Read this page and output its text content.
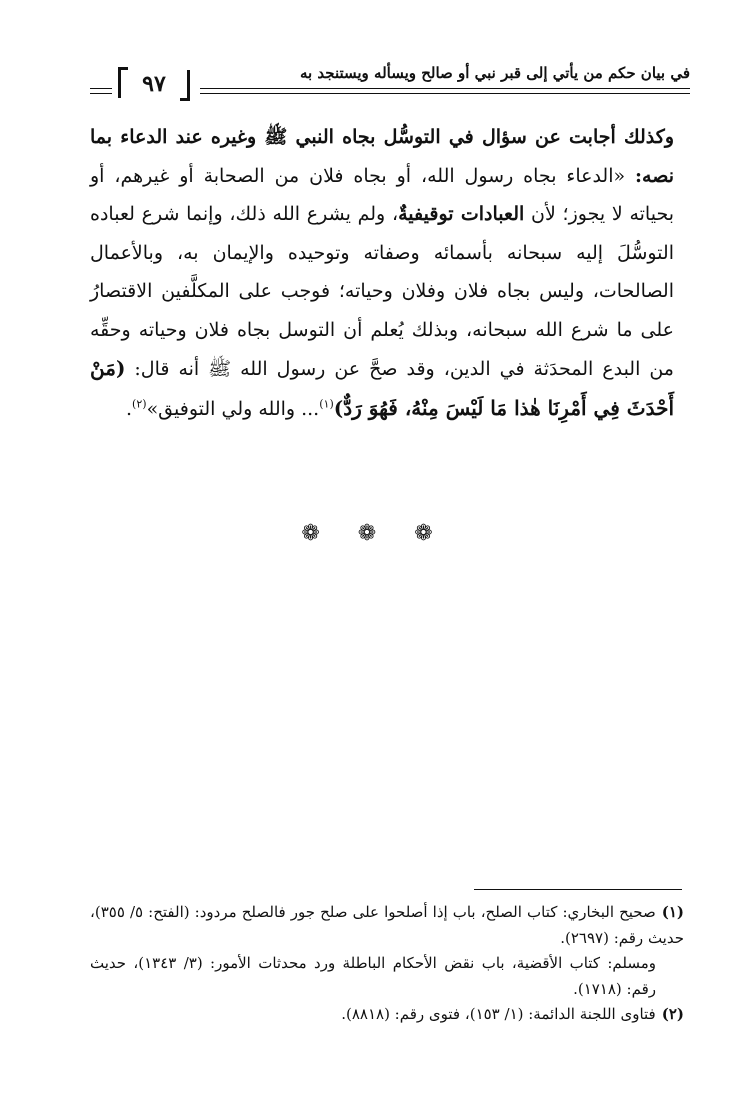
في بيان حكم من يأتي إلى قبر نبي أو صالح ويسأله ويستنجد به
٩٧

وكذلك أجابت عن سؤال في التوسُّل بجاه النبي ﷺ وغيره عند الدعاء بما نصه: «الدعاء بجاه رسول الله، أو بجاه فلان من الصحابة أو غيرهم، أو بحياته لا يجوز؛ لأن العبادات توقيفيةٌ، ولم يشرع الله ذلك، وإنما شرع لعباده التوسُّلَ إليه سبحانه بأسمائه وصفاته وتوحيده والإيمان به، وبالأعمال الصالحات، وليس بجاه فلان وفلان وحياته؛ فوجب على المكلَّفين الاقتصارُ على ما شرع الله سبحانه، وبذلك يُعلم أن التوسل بجاه فلان وحياته وحقِّه من البدع المحدَثة في الدين، وقد صحَّ عن رسول الله ﷺ أنه قال: (مَنْ أَحْدَثَ فِي أَمْرِنَا هٰذا مَا لَيْسَ مِنْهُ، فَهُوَ رَدٌّ)$^{(١)}$... والله ولي التوفيق»$^{(٢)}$.

❁ ❁ ❁

(١)صحيح البخاري: كتاب الصلح، باب إذا أصلحوا على صلح جور فالصلح مردود: (الفتح: ٥/ ٣٥٥)، حديث رقم: (٢٦٩٧).

ومسلم: كتاب الأقضية، باب نقض الأحكام الباطلة ورد محدثات الأمور: (٣/ ١٣٤٣)، حديث رقم: (١٧١٨).

(٢)فتاوى اللجنة الدائمة: (١/ ١٥٣)، فتوى رقم: (٨٨١٨).
